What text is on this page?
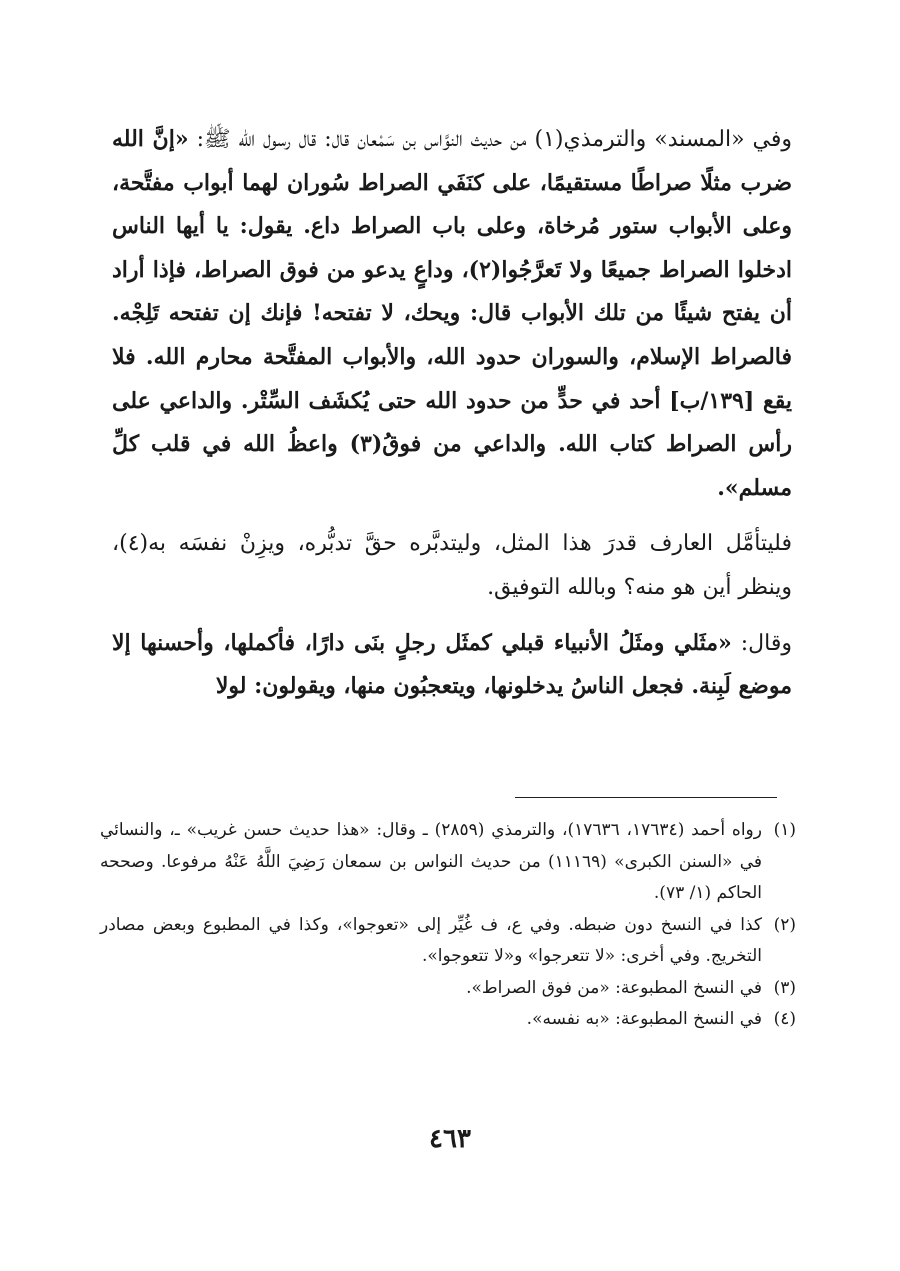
وفي «المسند» والترمذي(١) من حديث النوَّاس بن سَمْعان قال: قال رسول الله ﷺ: «إنَّ الله ضرب مثلًا صراطًا مستقيمًا، على كنَفَي الصراط سُوران لهما أبواب مفتَّحة، وعلى الأبواب ستور مُرخاة، وعلى باب الصراط داع. يقول: يا أيها الناس ادخلوا الصراط جميعًا ولا تَعرَّجُوا(٢)، وداعٍ يدعو من فوق الصراط، فإذا أراد أن يفتح شيئًا من تلك الأبواب قال: ويحك، لا تفتحه! فإنك إن تفتحه تَلِجْه. فالصراط الإسلام، والسوران حدود الله، والأبواب المفتَّحة محارم الله. فلا يقع [١٣٩/ب] أحد في حدٍّ من حدود الله حتى يُكشَف السِّتْر. والداعي على رأس الصراط كتاب الله. والداعي من فوقُ(٣) واعظُ الله في قلب كلِّ مسلم».

فليتأمَّل العارف قدرَ هذا المثل، وليتدبَّره حقَّ تدبُّره، ويزِنْ نفسَه به(٤)، وينظر أين هو منه؟ وبالله التوفيق.

وقال: «مثَلي ومثَلُ الأنبياء قبلي كمثَل رجلٍ بنَى دارًا، فأكملها، وأحسنها إلا موضع لَبِنة. فجعل الناسُ يدخلونها، ويتعجبُون منها، ويقولون: لولا

(١)
رواه أحمد (١٧٦٣٤، ١٧٦٣٦)، والترمذي (٢٨٥٩) ـ وقال: «هذا حديث حسن غريب» ـ، والنسائي في «السنن الكبرى» (١١١٦٩) من حديث النواس بن سمعان رَضِيَ اللَّهُ عَنْهُ مرفوعا. وصححه الحاكم (١/ ٧٣).
(٢)
كذا في النسخ دون ضبطه. وفي ع، ف غُيِّر إلى «تعوجوا»، وكذا في المطبوع وبعض مصادر التخريج. وفي أخرى: «لا تتعرجوا» و«لا تتعوجوا».
(٣)
في النسخ المطبوعة: «من فوق الصراط».
(٤)
في النسخ المطبوعة: «به نفسه».
٤٦٣
